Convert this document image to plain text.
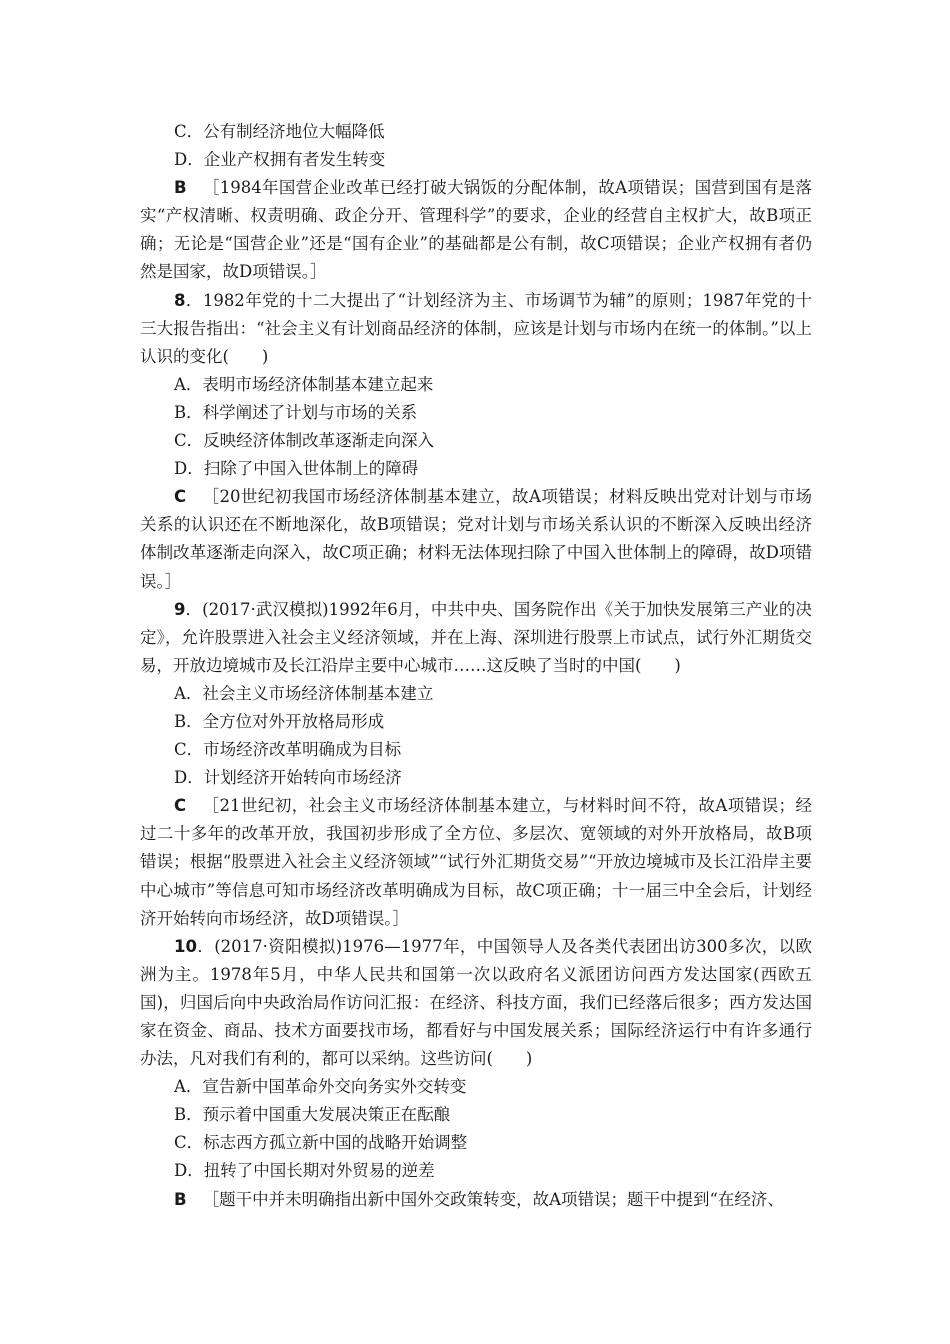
C．公有制经济地位大幅降低
D．企业产权拥有者发生转变
B ［1984年国营企业改革已经打破大锅饭的分配体制，故A项错误；国营到国有是落实“产权清晰、权责明确、政企分开、管理科学”的要求，企业的经营自主权扩大，故B项正确；无论是“国营企业”还是“国有企业”的基础都是公有制，故C项错误；企业产权拥有者仍然是国家，故D项错误。］
8．1982年党的十二大提出了“计划经济为主、市场调节为辅”的原则；1987年党的十三大报告指出：“社会主义有计划商品经济的体制，应该是计划与市场内在统一的体制。”以上认识的变化(　　)
A．表明市场经济体制基本建立起来
B．科学阐述了计划与市场的关系
C．反映经济体制改革逐渐走向深入
D．扫除了中国入世体制上的障碍
C ［20世纪初我国市场经济体制基本建立，故A项错误；材料反映出党对计划与市场关系的认识还在不断地深化，故B项错误；党对计划与市场关系认识的不断深入反映出经济体制改革逐渐走向深入，故C项正确；材料无法体现扫除了中国入世体制上的障碍，故D项错误。］
9．(2017·武汉模拟)1992年6月，中共中央、国务院作出《关于加快发展第三产业的决定》，允许股票进入社会主义经济领域，并在上海、深圳进行股票上市试点，试行外汇期货交易，开放边境城市及长江沿岸主要中心城市……这反映了当时的中国(　　)
A．社会主义市场经济体制基本建立
B．全方位对外开放格局形成
C．市场经济改革明确成为目标
D．计划经济开始转向市场经济
C ［21世纪初，社会主义市场经济体制基本建立，与材料时间不符，故A项错误；经过二十多年的改革开放，我国初步形成了全方位、多层次、宽领域的对外开放格局，故B项错误；根据“股票进入社会主义经济领域”“试行外汇期货交易”“开放边境城市及长江沿岸主要中心城市”等信息可知市场经济改革明确成为目标，故C项正确；十一届三中全会后，计划经济开始转向市场经济，故D项错误。］
10．(2017·资阳模拟)1976—1977年，中国领导人及各类代表团出访300多次，以欧洲为主。1978年5月，中华人民共和国第一次以政府名义派团访问西方发达国家(西欧五国)，归国后向中央政治局作访问汇报：在经济、科技方面，我们已经落后很多；西方发达国家在资金、商品、技术方面要找市场，都看好与中国发展关系；国际经济运行中有许多通行办法，凡对我们有利的，都可以采纳。这些访问(　　)
A．宣告新中国革命外交向务实外交转变
B．预示着中国重大发展决策正在酝酿
C．标志西方孤立新中国的战略开始调整
D．扭转了中国长期对外贸易的逆差
B ［题干中并未明确指出新中国外交政策转变，故A项错误；题干中提到“在经济、
